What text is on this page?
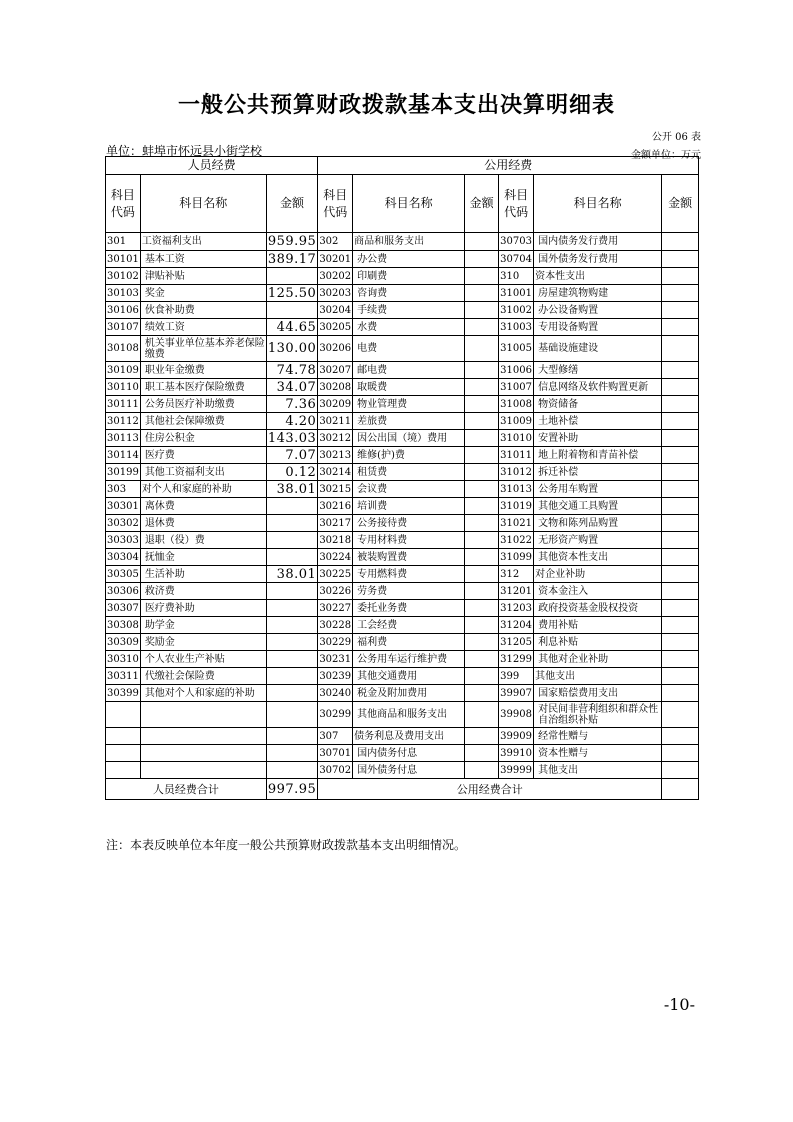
一般公共预算财政拨款基本支出决算明细表
公开 06 表
单位：蚌埠市怀远县小街学校	金额单位：万元
人员经费			公用经费					
科目代码	科目名称	金额	科目代码	科目名称	金额	科目代码	科目名称	金额
301	工资福利支出	959.95	302	商品和服务支出		30703	国内债务发行费用	
30101	基本工资	389.17	30201	办公费		30704	国外债务发行费用	
30102	津贴补贴		30202	印刷费		310	资本性支出	
30103	奖金	125.50	30203	咨询费		31001	房屋建筑物购建	
30106	伙食补助费		30204	手续费		31002	办公设备购置	
30107	绩效工资	44.65	30205	水费		31003	专用设备购置	
30108	机关事业单位基本养老保险缴费	130.00	30206	电费		31005	基础设施建设	
30109	职业年金缴费	74.78	30207	邮电费		31006	大型修缮	
30110	职工基本医疗保险缴费	34.07	30208	取暖费		31007	信息网络及软件购置更新	
30111	公务员医疗补助缴费	7.36	30209	物业管理费		31008	物资储备	
30112	其他社会保障缴费	4.20	30211	差旅费		31009	土地补偿	
30113	住房公积金	143.03	30212	因公出国（境）费用		31010	安置补助	
30114	医疗费	7.07	30213	维修(护)费		31011	地上附着物和青苗补偿	
30199	其他工资福利支出	0.12	30214	租赁费		31012	拆迁补偿	
303	对个人和家庭的补助	38.01	30215	会议费		31013	公务用车购置	
30301	离休费		30216	培训费		31019	其他交通工具购置	
30302	退休费		30217	公务接待费		31021	文物和陈列品购置	
30303	退职（役）费		30218	专用材料费		31022	无形资产购置	
30304	抚恤金		30224	被装购置费		31099	其他资本性支出	
30305	生活补助	38.01	30225	专用燃料费		312	对企业补助	
30306	救济费		30226	劳务费		31201	资本金注入	
30307	医疗费补助		30227	委托业务费		31203	政府投资基金股权投资	
30308	助学金		30228	工会经费		31204	费用补贴	
30309	奖励金		30229	福利费		31205	利息补贴	
30310	个人农业生产补贴		30231	公务用车运行维护费		31299	其他对企业补助	
30311	代缴社会保险费		30239	其他交通费用		399	其他支出	
30399	其他对个人和家庭的补助		30240	税金及附加费用		39907	国家赔偿费用支出	
			30299	其他商品和服务支出		39908	对民间非营利组织和群众性自治组织补贴	
			307	债务利息及费用支出		39909	经常性赠与	
			30701	国内债务付息		39910	资本性赠与	
			30702	国外债务付息		39999	其他支出	
人员经费合计		997.95	公用经费合计					
注：本表反映单位本年度一般公共预算财政拨款基本支出明细情况。
-10-
